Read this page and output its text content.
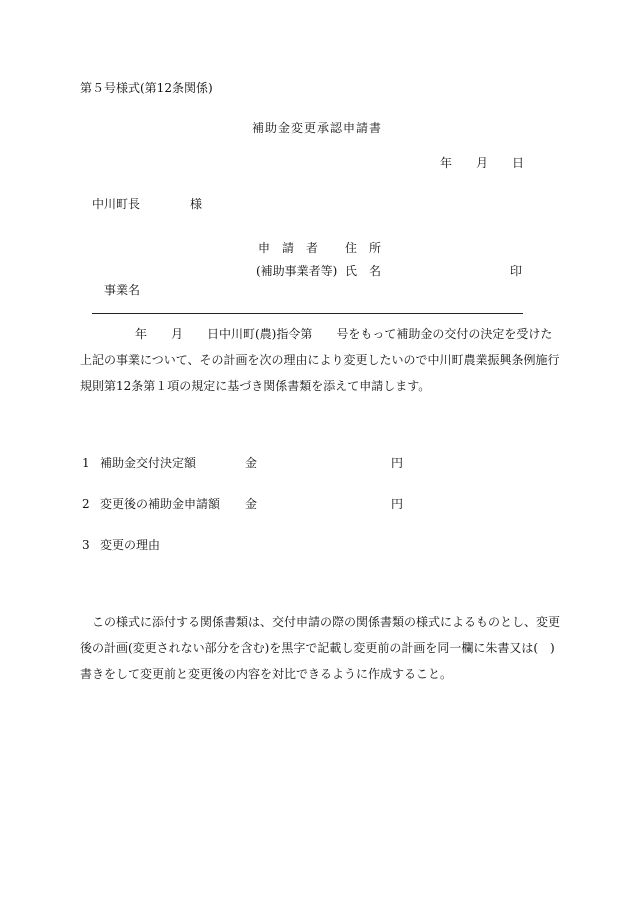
第５号様式(第12条関係)
補助金変更承認申請書
年 月 日
中川町長	様
申　請　者 住　所
(補助事業者等) 氏　名	印
事業名
年　　月　　日中川町(農)指令第　　号をもって補助金の交付の決定を受けた
上記の事業について、その計画を次の理由により変更したいので中川町農業振興条例施行
規則第12条第１項の規定に基づき関係書類を添えて申請します。
1 補助金交付決定額	金	円
2 変更後の補助金申請額 金	円
3 変更の理由
この様式に添付する関係書類は、交付申請の際の関係書類の様式によるものとし、変更
後の計画(変更されない部分を含む)を黒字で記載し変更前の計画を同一欄に朱書又は(　)
書きをして変更前と変更後の内容を対比できるように作成すること。
